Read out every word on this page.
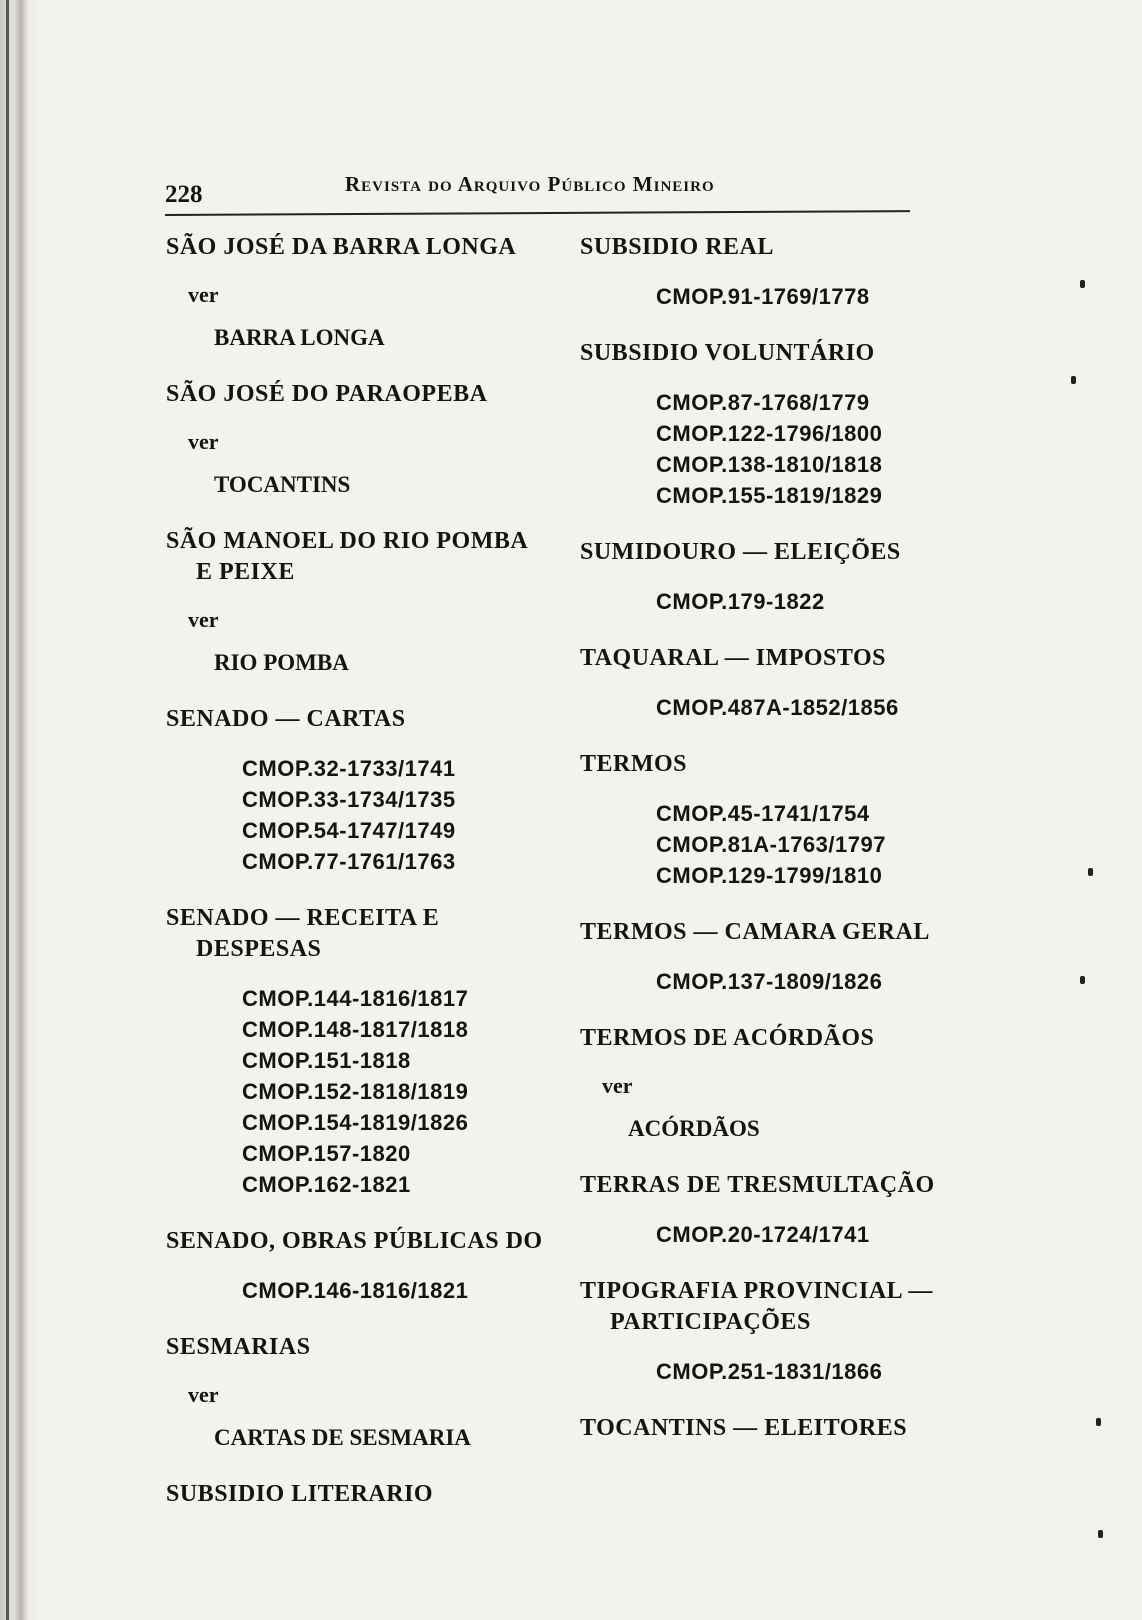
228	Revista do Arquivo Público Mineiro
SÃO JOSÉ DA BARRA LONGA
ver
BARRA LONGA
SÃO JOSÉ DO PARAOPEBA
ver
TOCANTINS
SÃO MANOEL DO RIO POMBA
E PEIXE
ver
RIO POMBA
SENADO — CARTAS
CMOP.32-1733/1741
CMOP.33-1734/1735
CMOP.54-1747/1749
CMOP.77-1761/1763
SENADO — RECEITA E
DESPESAS
CMOP.144-1816/1817
CMOP.148-1817/1818
CMOP.151-1818
CMOP.152-1818/1819
CMOP.154-1819/1826
CMOP.157-1820
CMOP.162-1821
SENADO, OBRAS PÚBLICAS DO
CMOP.146-1816/1821
SESMARIAS
ver
CARTAS DE SESMARIA
SUBSIDIO LITERARIO
SUBSIDIO REAL
CMOP.91-1769/1778
SUBSIDIO VOLUNTÁRIO
CMOP.87-1768/1779
CMOP.122-1796/1800
CMOP.138-1810/1818
CMOP.155-1819/1829
SUMIDOURO — ELEIÇÕES
CMOP.179-1822
TAQUARAL — IMPOSTOS
CMOP.487A-1852/1856
TERMOS
CMOP.45-1741/1754
CMOP.81A-1763/1797
CMOP.129-1799/1810
TERMOS — CAMARA GERAL
CMOP.137-1809/1826
TERMOS DE ACÓRDÃOS
ver
ACÓRDÃOS
TERRAS DE TRESMULTAÇÃO
CMOP.20-1724/1741
TIPOGRAFIA PROVINCIAL —
PARTICIPAÇÕES
CMOP.251-1831/1866
TOCANTINS — ELEITORES
